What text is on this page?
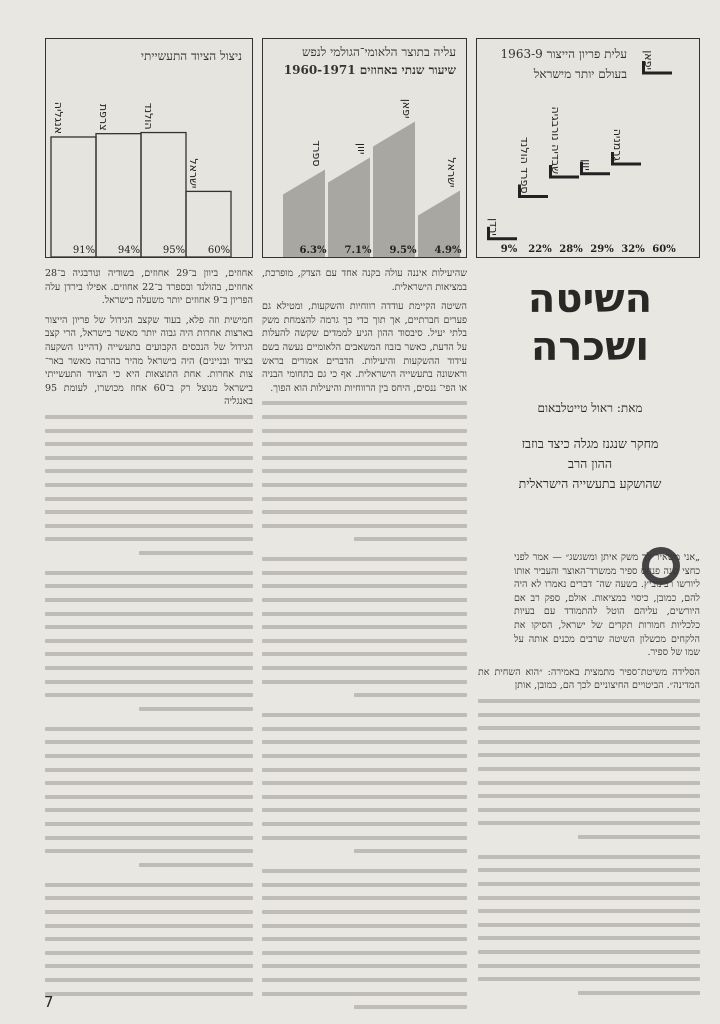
ירדן
9%
ספרד הולנד
22%
שבדיה נורבגיה
28%
יוון
29%
גרמניה
32%
יפאן
60%
עלית פריון הייצור 1963-9
בעולם יותר מישראל
ספרד
6.3%
יוון
7.1%
יפאן
9.5%
ישראל
4.9%
עליה בתוצר הלאומי־הגולמי לנפש
שיעור שנתי באחוזים 1960-1971
אנגליה
91%
צרפת
94%
הולנד
95%
ישראל
60%
ניצול הציוד התעשייתי
השיטה
ושכרה
מאת: ראול טייטלבאום
מחקר שנגנז מגלה כיצד בוזבז
ההון הרב
שהושקע בתעשייה הישראלית

„אני משאיר לך משק איתן ומשגשג״ — אמר לפני כחצי שנה פנחס ספיר ממשרד־האוצר והעביר אותו ליורשו רבינוביץ. בשעה שה־ דברים נאמרו לא היה להם, כמובן, כיסוי במציאות. אולם, ספק רב אם היורשים, עליהם הוטל להתמודד עם בעיות כלכליות חמורות תקדים של ישראל, הסיקו את הלקחים מכשלון השיטה שרבים מכנים אותה על שמו של ספיר.

הסלידה משיטת־ספיר מתמצית באמירה: ״הוא השחית את המדינה״. הביטויים החיצוניים לכך הם, כמובן, אותן

שהיעילות איננה עולה בקנה אחד עם הצדק, מופרכת, במציאות הישראלית.

השיטה הקיימת עודדה רווחיות והשקעות, ומטילא גם פערים חברתיים, אך תוך כדי כך גרמה להצמחת משק בלתי יעיל. סיבסוד ההון הגיע לממדים שקשה להעלות על הדעת, כאשר בזבוז המשאבים הלאומיים נעשה בשם עידוד ההשקעות והיעילות. הדברים אמורים בראש וראשונה בתעשייה הישראלית. אף כי גם בתחומי הבניה או הפי־ ננסים, היחס בין הרווחיות והיעילות הוא הפוך.

אחוזים, ביוון ב־29 אחוזים, בשודיה ונורבגיה ב־28 אחוזים, בהולנד ובספרד ב־22 אחוזים. אפילו בירדן עלה הפריון ב־9 אחוזים יותר משעלה בישראל.

חמישית וזה פלא, בעוד שקצב הגידול של פריון הייצור בארצות אחרות היה גבוה יותר מאשר בישראל, הרי קצב הגידול של הנכסים הקבועים בתעשייה (דהיינו השקעה בציוד ובניינים) היה בישראל מהיר בהרבה מאשר באר־ צות אחרות. אחת התוצאות היא כי הציוד התעשייתי בישראל מנוצל רק ב־60 אחוז מכושרו, לעומת 95 באנגליה

7
